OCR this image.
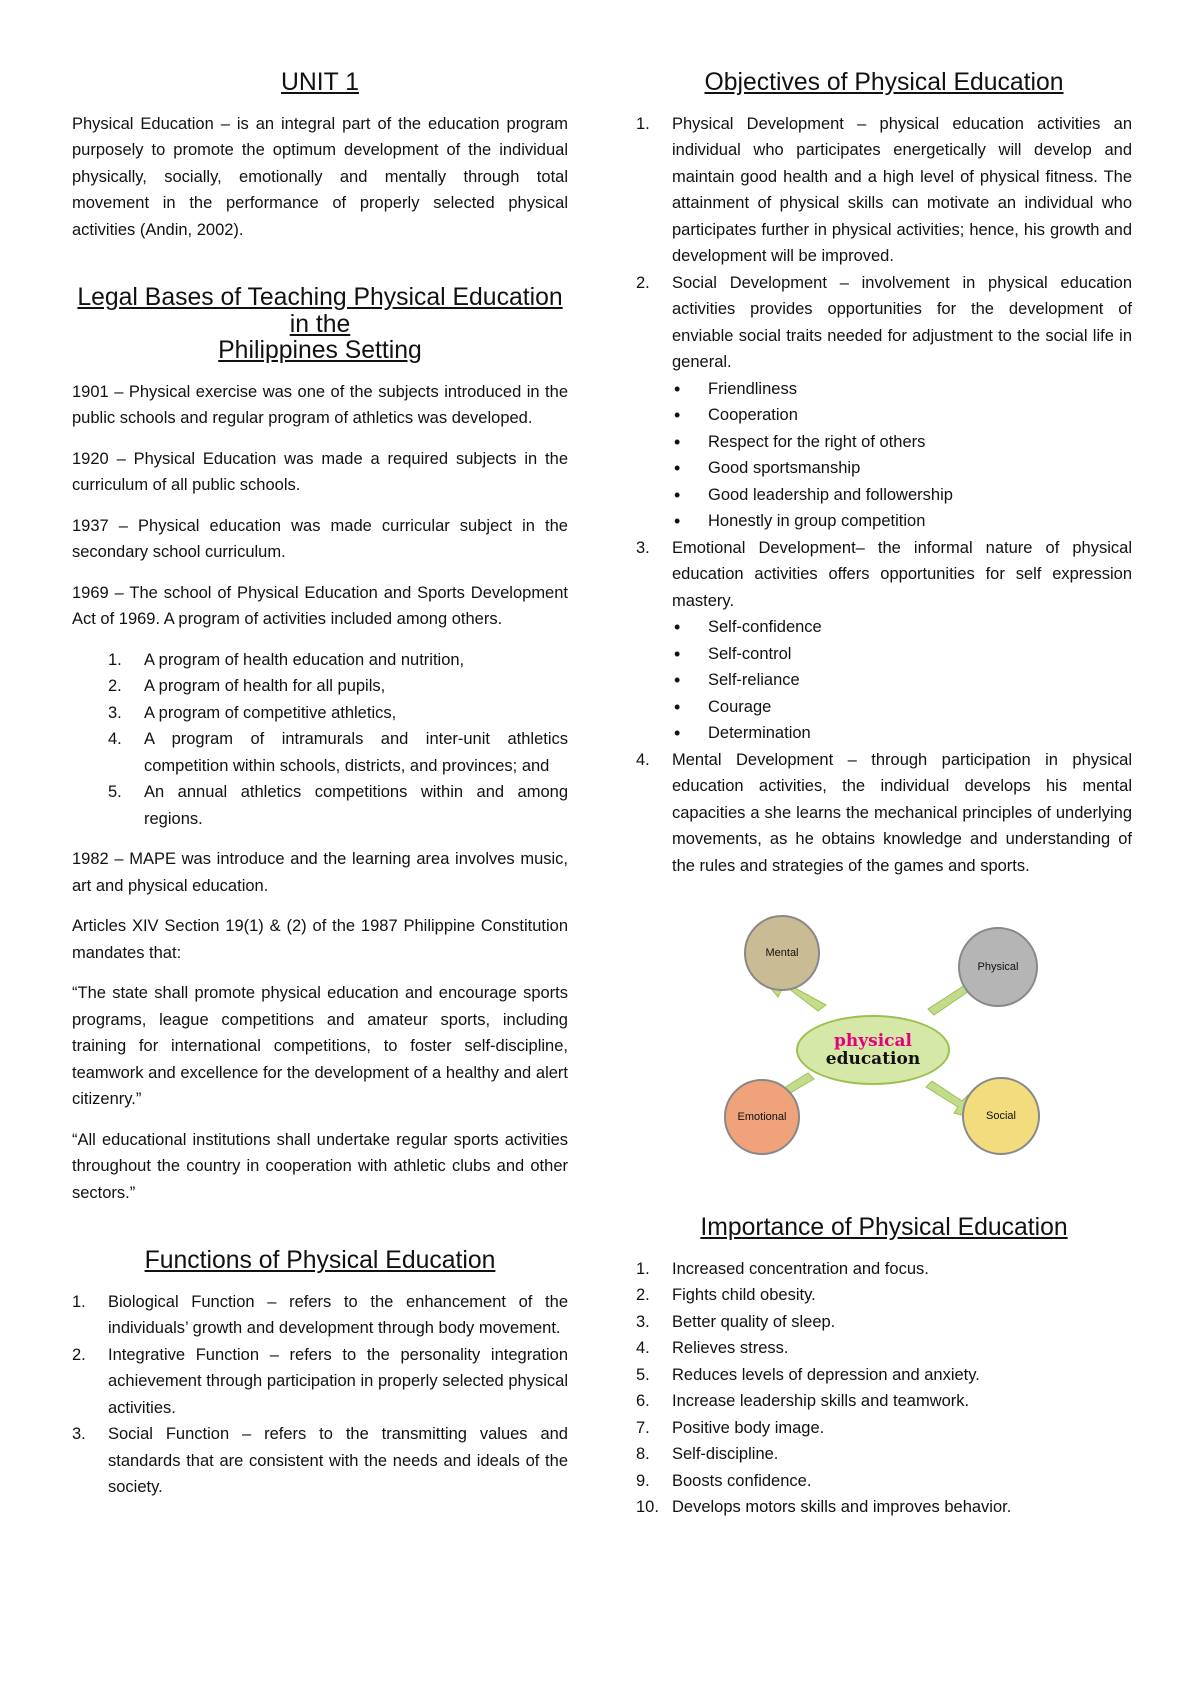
UNIT 1

Physical Education – is an integral part of the education program purposely to promote the optimum development of the individual physically, socially, emotionally and mentally through total movement in the performance of properly selected physical activities (Andin, 2002).

Legal Bases of Teaching Physical Education in the
Philippines Setting

1901 – Physical exercise was one of the subjects introduced in the public schools and regular program of athletics was developed.

1920 – Physical Education was made a required subjects in the curriculum of all public schools.

1937 – Physical education was made curricular subject in the secondary school curriculum.

1969 – The school of Physical Education and Sports Development Act of 1969. A program of activities included among others.

1. A program of health education and nutrition,
2. A program of health for all pupils,
3. A program of competitive athletics,
4. A program of intramurals and inter-unit athletics competition within schools, districts, and provinces; and
5. An annual athletics competitions within and among regions.

1982 – MAPE was introduce and the learning area involves music, art and physical education.

Articles XIV Section 19(1) & (2) of the 1987 Philippine Constitution mandates that:

“The state shall promote physical education and encourage sports programs, league competitions and amateur sports, including training for international competitions, to foster self-discipline, teamwork and excellence for the development of a healthy and alert citizenry.”

“All educational institutions shall undertake regular sports activities throughout the country in cooperation with athletic clubs and other sectors.”

Functions of Physical Education
1. Biological Function – refers to the enhancement of the individuals’ growth and development through body movement.
2. Integrative Function – refers to the personality integration achievement through participation in properly selected physical activities.
3. Social Function – refers to the transmitting values and standards that are consistent with the needs and ideals of the society.
Objectives of Physical Education
1. Physical Development – physical education activities an individual who participates energetically will develop and maintain good health and a high level of physical fitness. The attainment of physical skills can motivate an individual who participates further in physical activities; hence, his growth and development will be improved.
2. Social Development – involvement in physical education activities provides opportunities for the development of enviable social traits needed for adjustment to the social life in general.
• Friendliness
• Cooperation
• Respect for the right of others
• Good sportsmanship
• Good leadership and followership
• Honestly in group competition
3. Emotional Development– the informal nature of physical education activities offers opportunities for self expression mastery.
• Self-confidence
• Self-control
• Self-reliance
• Courage
• Determination
4. Mental Development – through participation in physical education activities, the individual develops his mental capacities a she learns the mechanical principles of underlying movements, as he obtains knowledge and understanding of the rules and strategies of the games and sports.
Mental
Physical
Emotional	Social
physical
education
Importance of Physical Education
1. Increased concentration and focus.
2. Fights child obesity.
3. Better quality of sleep.
4. Relieves stress.
5. Reduces levels of depression and anxiety.
6. Increase leadership skills and teamwork.
7. Positive body image.
8. Self-discipline.
9. Boosts confidence.
10. Develops motors skills and improves behavior.
